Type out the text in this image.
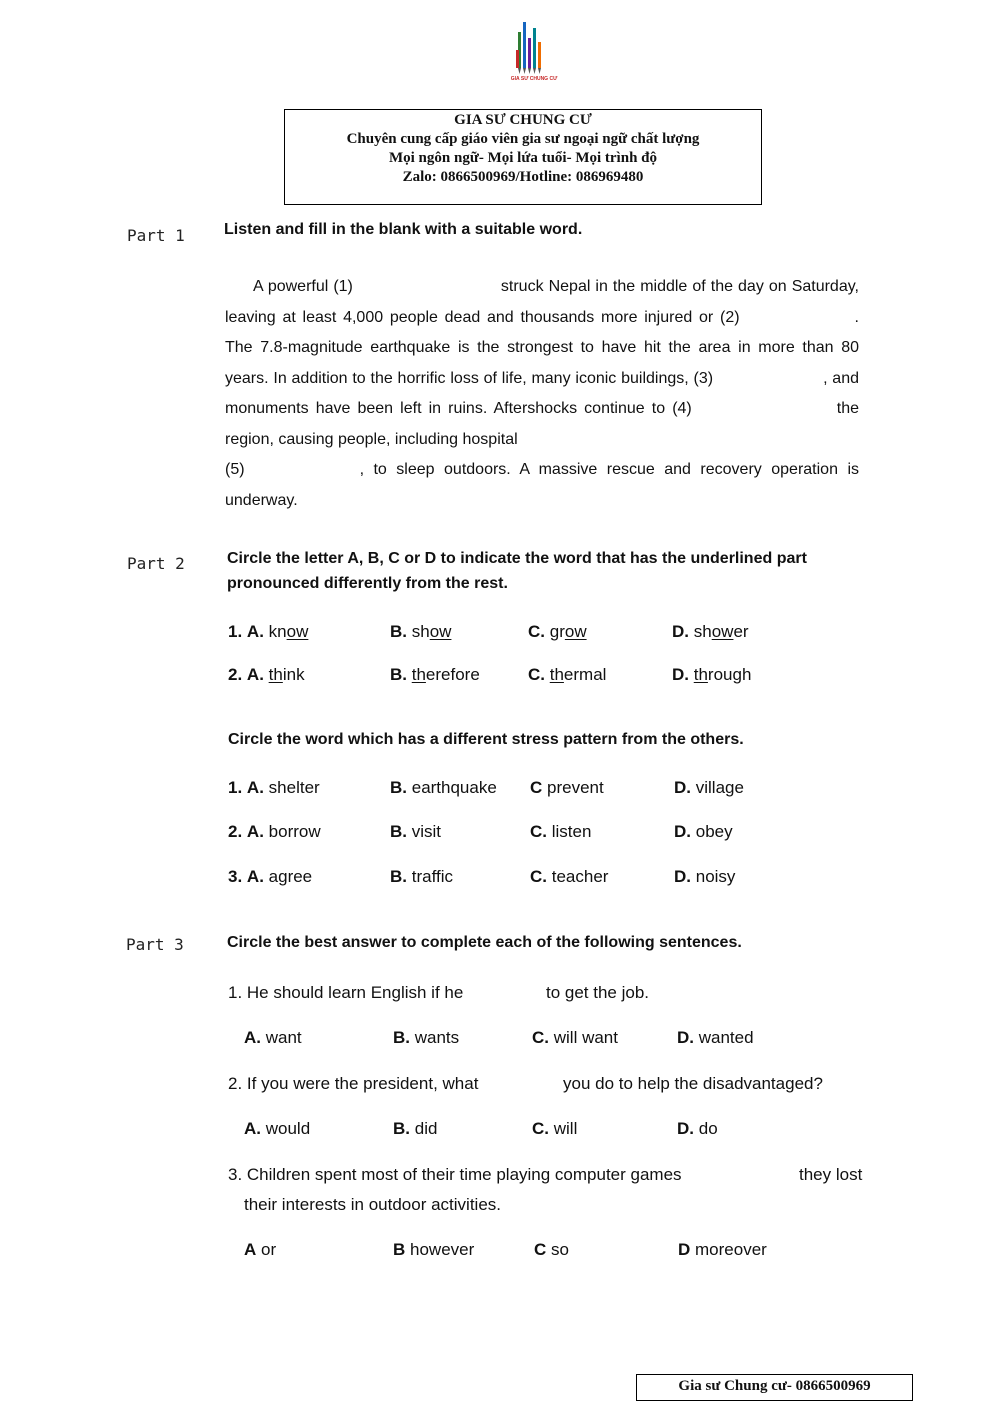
GIA SƯ CHUNG CƯ
GIA SƯ CHUNG CƯ
Chuyên cung cấp giáo viên gia sư ngoại ngữ chất lượng
Mọi ngôn ngữ- Mọi lứa tuổi- Mọi trình độ
Zalo: 0866500969/Hotline: 086969480
Part 1 Listen and fill in the blank with a suitable word.
A powerful (1)	struck Nepal in the middle of the day on Saturday, leaving at least 4,000 people dead and thousands more injured or (2)	. The 7.8-magnitude earthquake is the strongest to have hit the area in more than 80 years. In addition to the horrific loss of life, many iconic buildings, (3)	, and monuments have been left in ruins. Aftershocks continue to (4)	the region, causing people, including hospital
(5)	, to sleep outdoors. A massive rescue and recovery operation is underway.
Part 2	Circle the letter A, B, C or D to indicate the word that has the underlined part
pronounced differently from the rest.
1. A. know	B. show	C. grow	D. shower
2. A. think	B. therefore	C. thermal	D. through
Circle the word which has a different stress pattern from the others.
1. A. shelter	B. earthquake C prevent	D. village
2. A. borrow	B. visit	C. listen	D. obey
3. A. agree	B. traffic	C. teacher	D. noisy
Part 3	Circle the best answer to complete each of the following sentences.
1. He should learn English if he	to get the job.
A. want	B. wants	C. will want	D. wanted
2. If you were the president, what	you do to help the disadvantaged?
A. would	B. did	C. will	D. do
3. Children spent most of their time playing computer games	they lost
their interests in outdoor activities.
A or	B however	C so	D moreover
Gia sư Chung cư- 0866500969
